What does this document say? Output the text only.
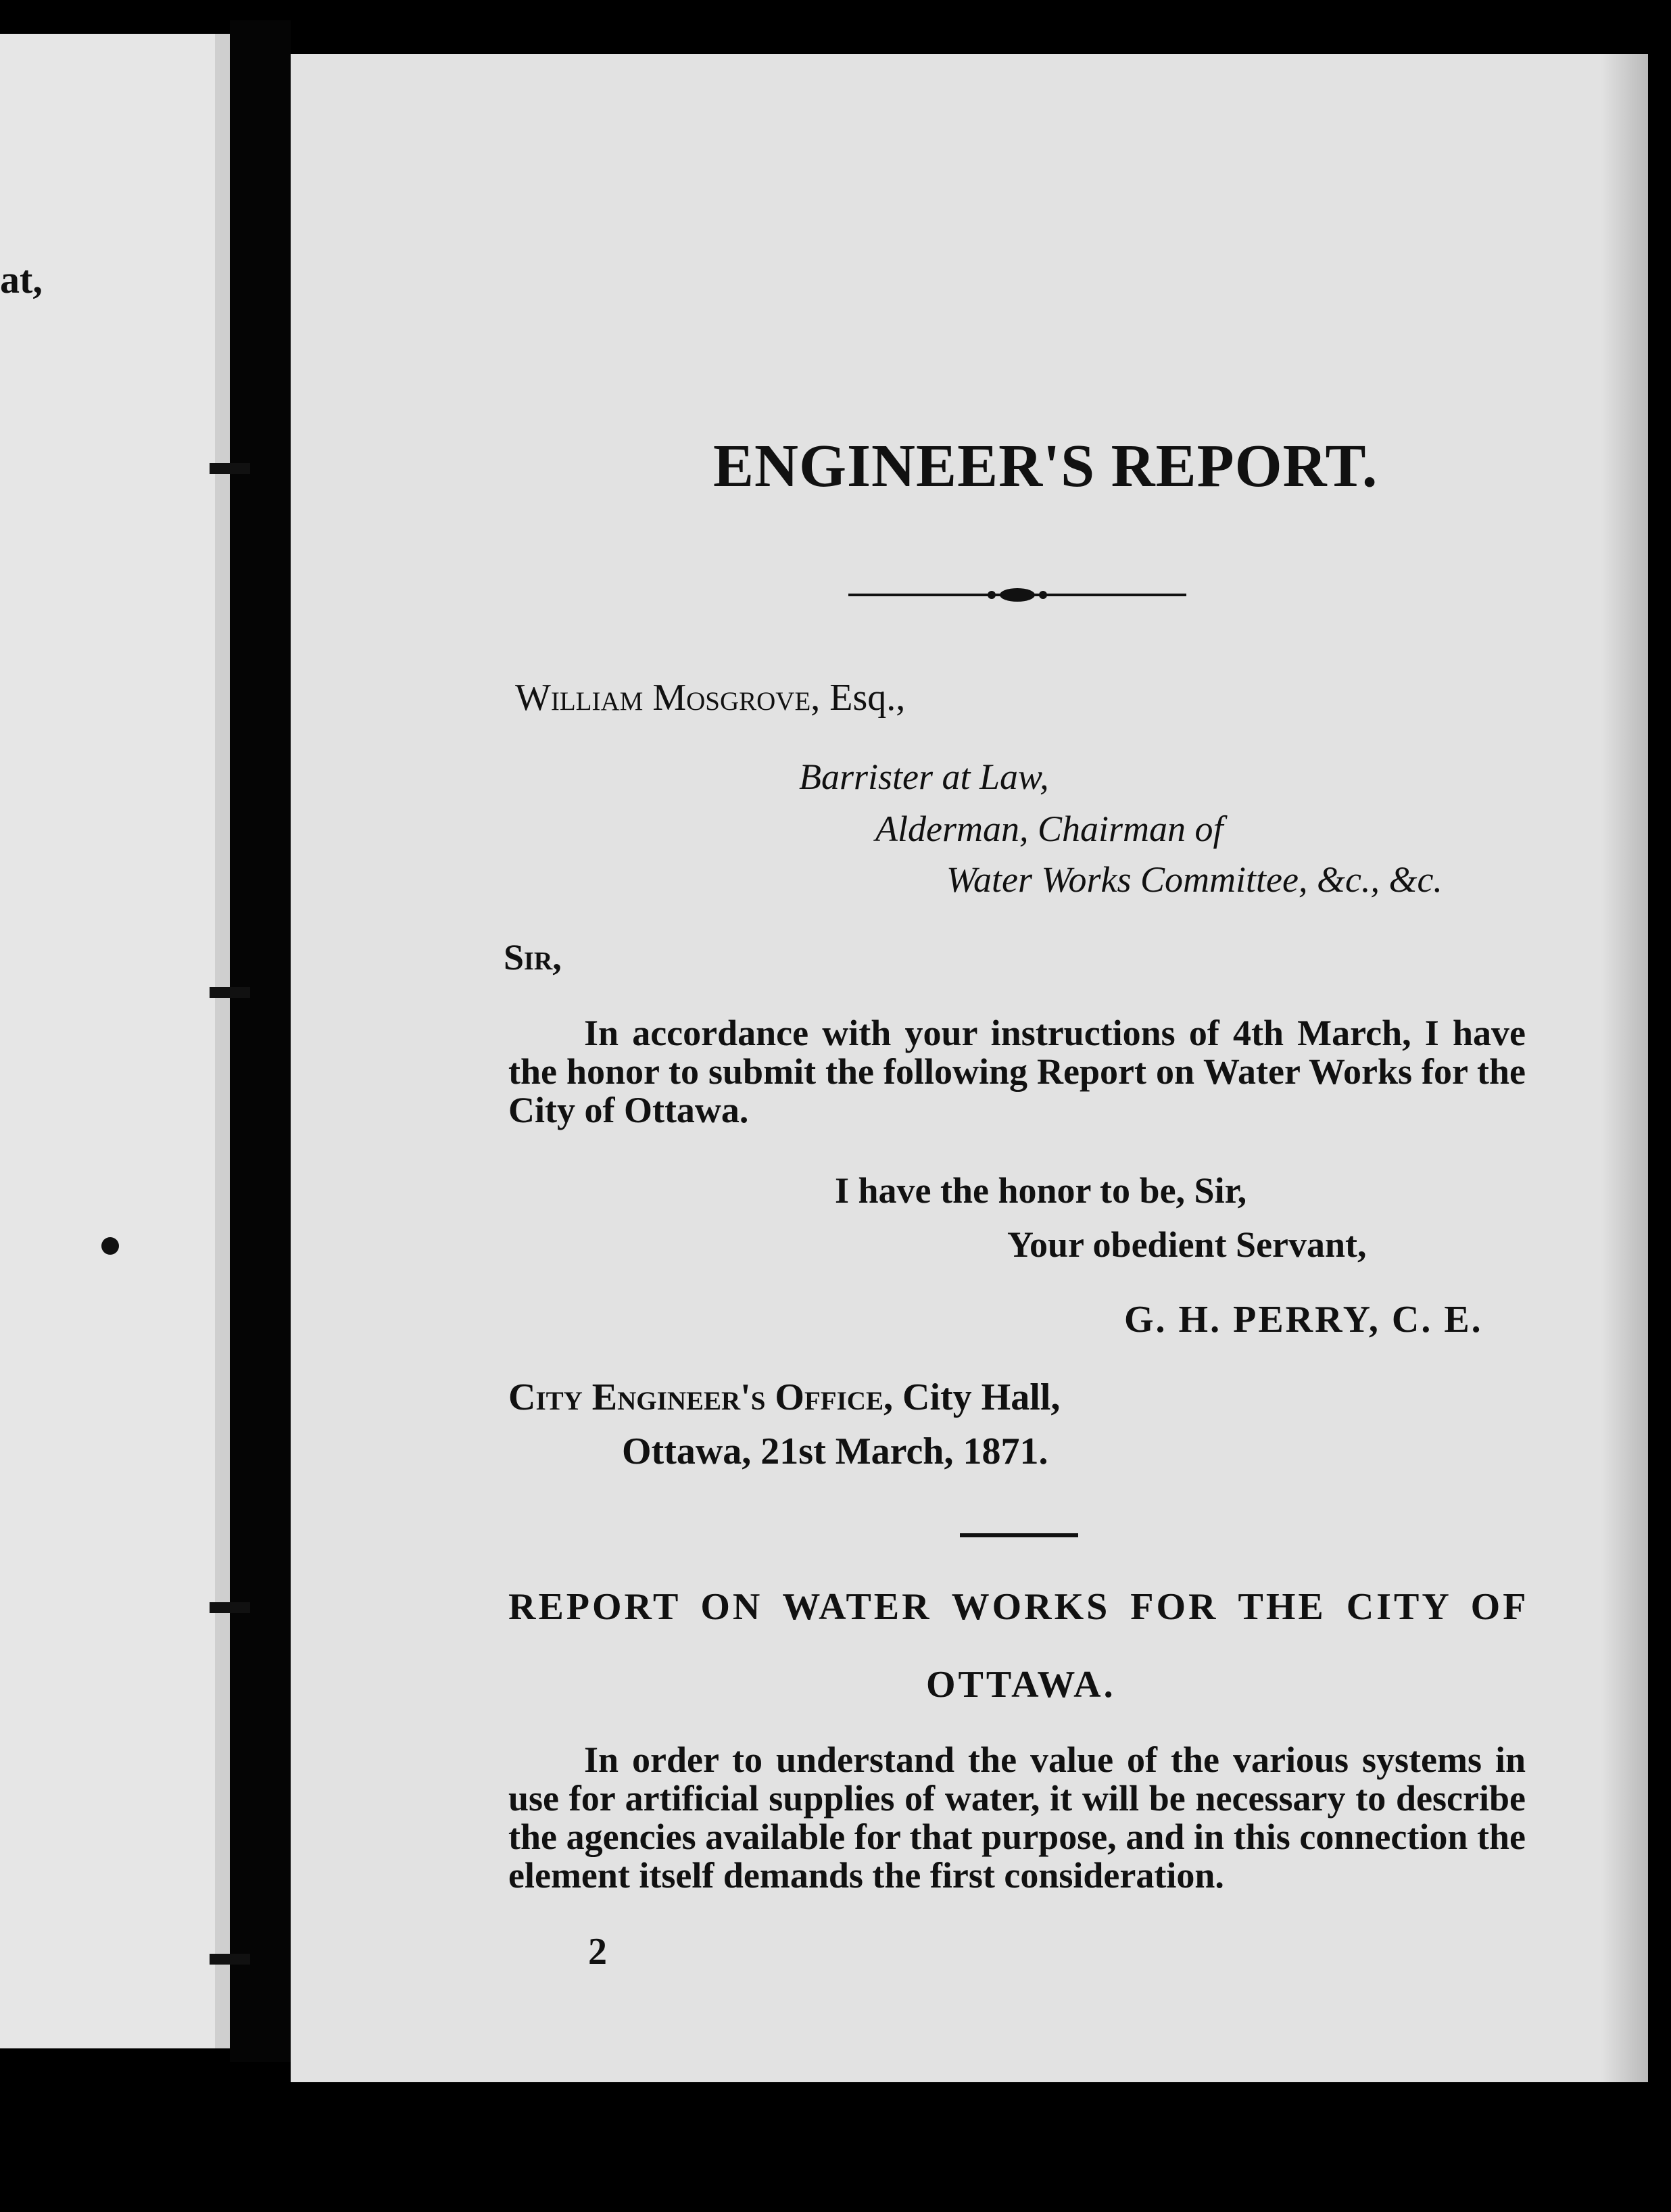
at,
ENGINEER'S REPORT.
William Mosgrove, Esq.,
Barrister at Law,
Alderman, Chairman of
Water Works Committee, &c., &c.
Sir,
In accordance with your instructions of 4th March, I have the honor to submit the following Report on Water Works for the City of Ottawa.
I have the honor to be, Sir,
Your obedient Servant,
G. H. PERRY, C. E.
City Engineer's Office, City Hall,
Ottawa, 21st March, 1871.
REPORT ON WATER WORKS FOR THE CITY OF
OTTAWA.
In order to understand the value of the various systems in use for artificial supplies of water, it will be necessary to describe the agencies available for that purpose, and in this connection the element itself demands the first consideration.
2
